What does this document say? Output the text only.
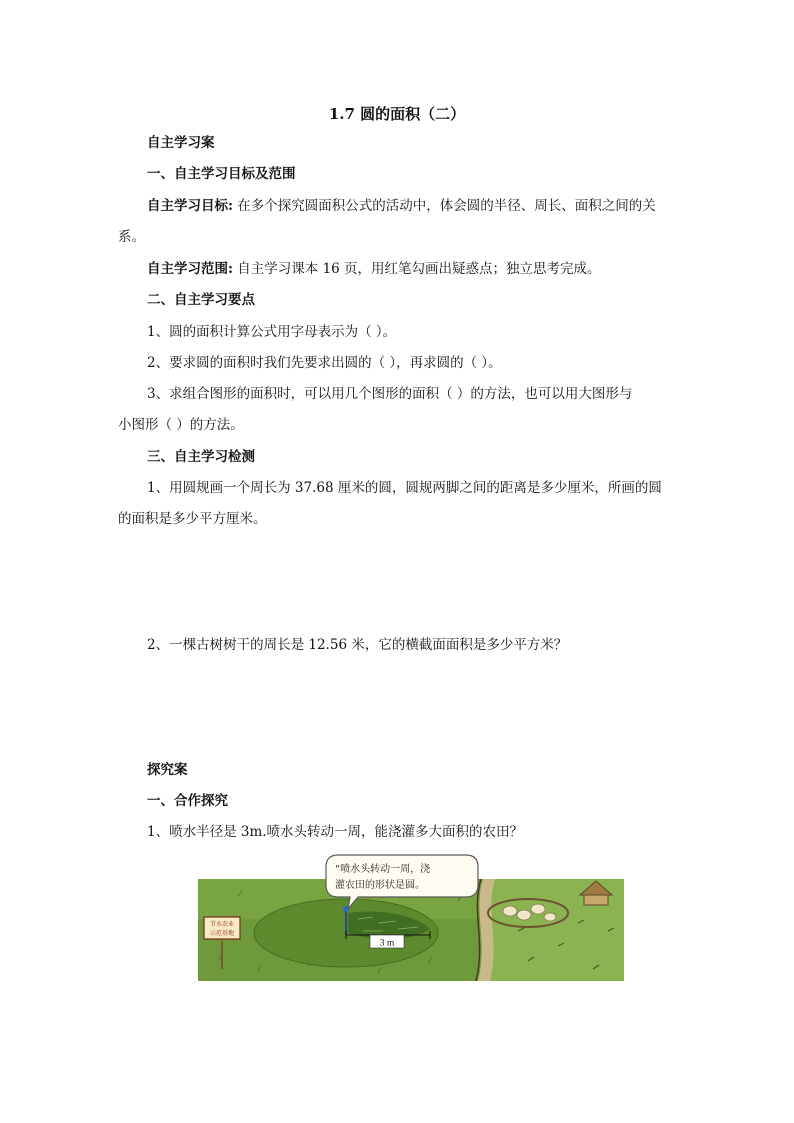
1.7 圆的面积（二）
自主学习案
一、自主学习目标及范围
自主学习目标: 在多个探究圆面积公式的活动中，体会圆的半径、周长、面积之间的关
系。
自主学习范围: 自主学习课本 16 页，用红笔勾画出疑惑点；独立思考完成。
二、自主学习要点
1、圆的面积计算公式用字母表示为（ ）。
2、要求圆的面积时我们先要求出圆的（ ），再求圆的（ ）。
3、求组合图形的面积时，可以用几个图形的面积（ ）的方法，也可以用大图形与
小图形（ ）的方法。
三、自主学习检测
1、用圆规画一个周长为 37.68 厘米的圆，圆规两脚之间的距离是多少厘米，所画的圆
的面积是多少平方厘米。
2、一棵古树树干的周长是 12.56 米，它的横截面面积是多少平方米？
探究案
一、合作探究
1、喷水半径是 3m.喷水头转动一周，能浇灌多大面积的农田？
3 m
节水农业
示范基地
“喷水头转动一周，浇
灌农田的形状是圆。
